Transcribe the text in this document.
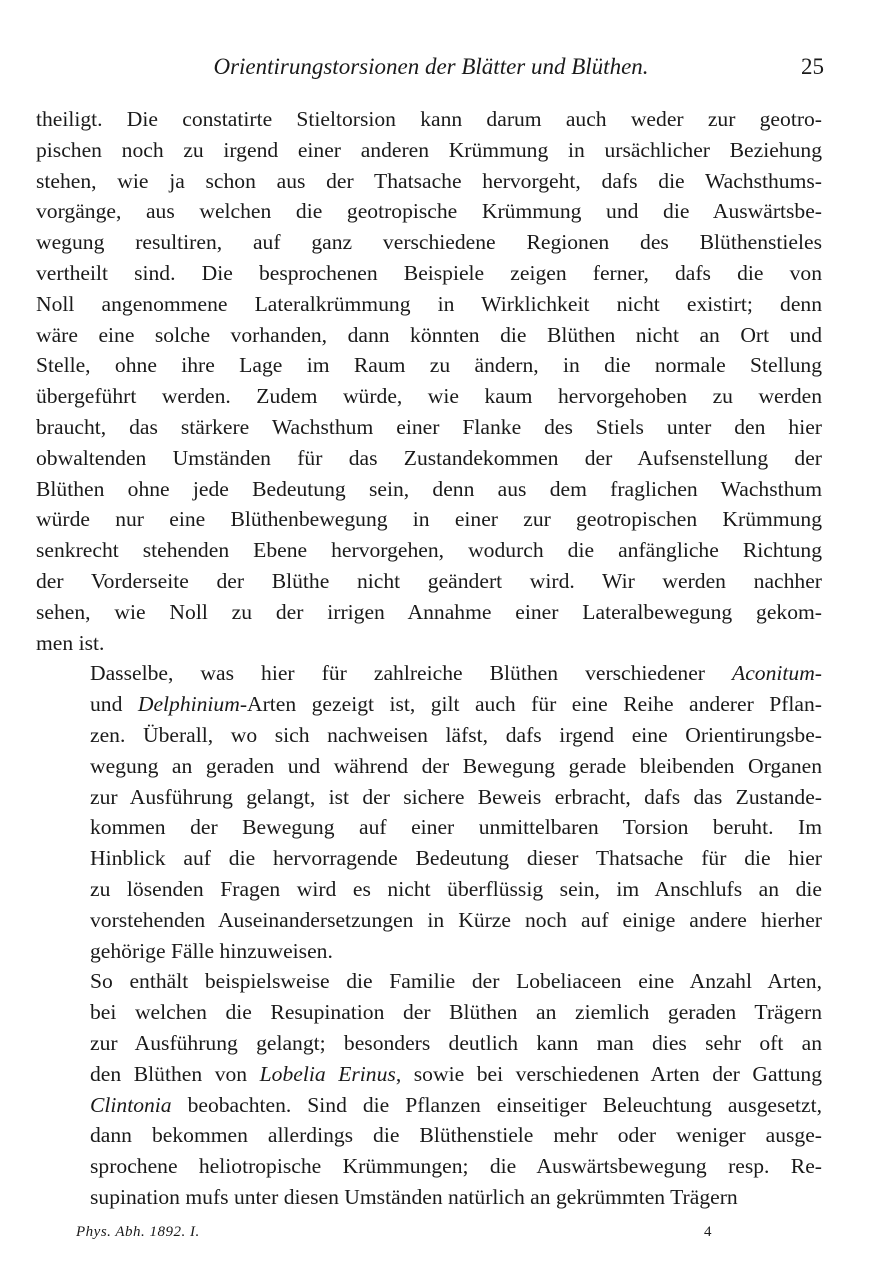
Orientirungstorsionen der Blätter und Blüthen.	25
theiligt. Die constatirte Stieltorsion kann darum auch weder zur geotro-
pischen noch zu irgend einer anderen Krümmung in ursächlicher Beziehung
stehen, wie ja schon aus der Thatsache hervorgeht, dafs die Wachsthums-
vorgänge, aus welchen die geotropische Krümmung und die Auswärtsbe-
wegung resultiren, auf ganz verschiedene Regionen des Blüthenstieles
vertheilt sind. Die besprochenen Beispiele zeigen ferner, dafs die von
Noll angenommene Lateralkrümmung in Wirklichkeit nicht existirt; denn
wäre eine solche vorhanden, dann könnten die Blüthen nicht an Ort und
Stelle, ohne ihre Lage im Raum zu ändern, in die normale Stellung
übergeführt werden. Zudem würde, wie kaum hervorgehoben zu werden
braucht, das stärkere Wachsthum einer Flanke des Stiels unter den hier
obwaltenden Umständen für das Zustandekommen der Aufsenstellung der
Blüthen ohne jede Bedeutung sein, denn aus dem fraglichen Wachsthum
würde nur eine Blüthenbewegung in einer zur geotropischen Krümmung
senkrecht stehenden Ebene hervorgehen, wodurch die anfängliche Richtung
der Vorderseite der Blüthe nicht geändert wird. Wir werden nachher
sehen, wie Noll zu der irrigen Annahme einer Lateralbewegung gekom-
men ist.
Dasselbe, was hier für zahlreiche Blüthen verschiedener Aconitum-
und Delphinium-Arten gezeigt ist, gilt auch für eine Reihe anderer Pflan-
zen. Überall, wo sich nachweisen läfst, dafs irgend eine Orientirungsbe-
wegung an geraden und während der Bewegung gerade bleibenden Organen
zur Ausführung gelangt, ist der sichere Beweis erbracht, dafs das Zustande-
kommen der Bewegung auf einer unmittelbaren Torsion beruht. Im
Hinblick auf die hervorragende Bedeutung dieser Thatsache für die hier
zu lösenden Fragen wird es nicht überflüssig sein, im Anschlufs an die
vorstehenden Auseinandersetzungen in Kürze noch auf einige andere hierher
gehörige Fälle hinzuweisen.
So enthält beispielsweise die Familie der Lobeliaceen eine Anzahl Arten,
bei welchen die Resupination der Blüthen an ziemlich geraden Trägern
zur Ausführung gelangt; besonders deutlich kann man dies sehr oft an
den Blüthen von Lobelia Erinus, sowie bei verschiedenen Arten der Gattung
Clintonia beobachten. Sind die Pflanzen einseitiger Beleuchtung ausgesetzt,
dann bekommen allerdings die Blüthenstiele mehr oder weniger ausge-
sprochene heliotropische Krümmungen; die Auswärtsbewegung resp. Re-
supination mufs unter diesen Umständen natürlich an gekrümmten Trägern
Phys. Abh. 1892. I.	4
